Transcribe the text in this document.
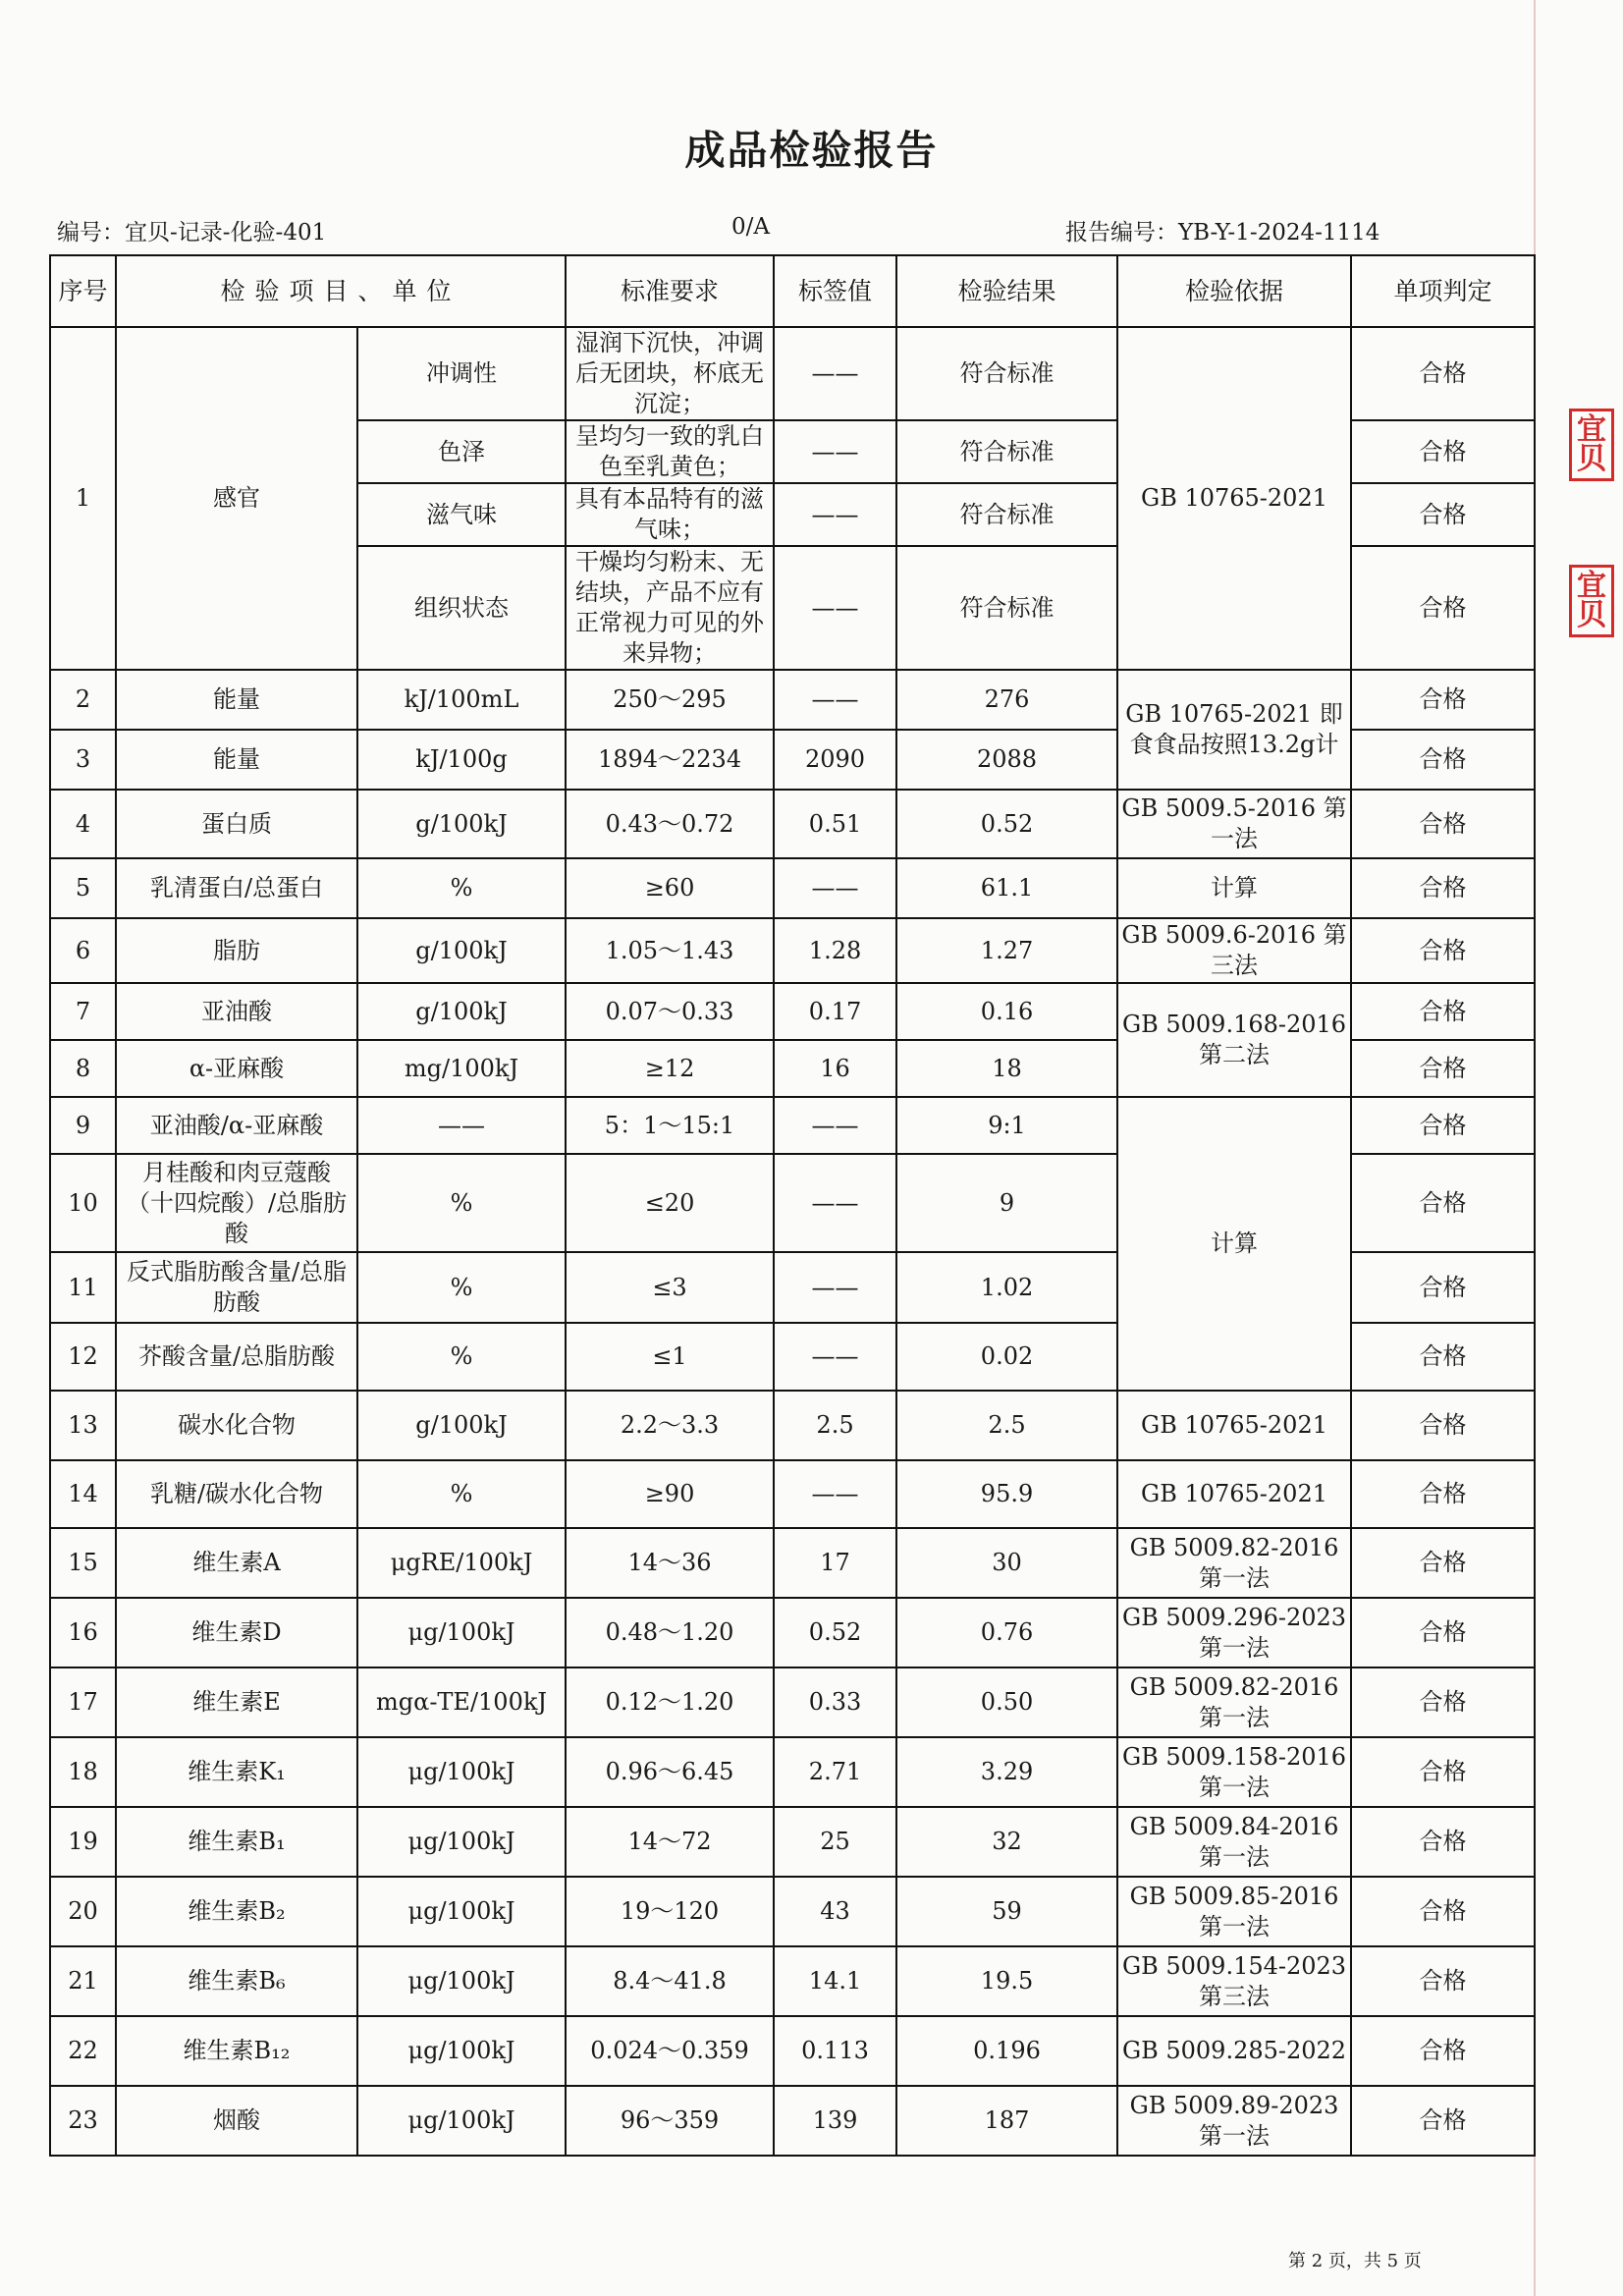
成品检验报告
编号：宜贝-记录-化验-401	0/A	报告编号：YB-Y-1-2024-1114
序号	检验项目、单位		标准要求	标签值	检验结果	检验依据	单项判定
1	感官	冲调性	湿润下沉快，冲调后无团块，杯底无沉淀；	——	符合标准	GB 10765-2021	合格
		色泽	呈均匀一致的乳白色至乳黄色；	——	符合标准		合格
		滋气味	具有本品特有的滋气味；	——	符合标准		合格
		组织状态	干燥均匀粉末、无结块，产品不应有正常视力可见的外来异物；	——	符合标准		合格
2	能量	kJ/100mL	250～295	——	276	GB 10765-2021 即食食品按照13.2g计	合格
3	能量	kJ/100g	1894～2234	2090	2088		合格
4	蛋白质	g/100kJ	0.43～0.72	0.51	0.52	GB 5009.5-2016 第一法	合格
5	乳清蛋白/总蛋白	%	≥60	——	61.1	计算	合格
6	脂肪	g/100kJ	1.05～1.43	1.28	1.27	GB 5009.6-2016 第三法	合格
7	亚油酸	g/100kJ	0.07～0.33	0.17	0.16	GB 5009.168-2016 第二法	合格
8	α-亚麻酸	mg/100kJ	≥12	16	18		合格
9	亚油酸/α-亚麻酸	——	5：1～15:1	——	9:1	计算	合格
10	月桂酸和肉豆蔻酸（十四烷酸）/总脂肪酸	%	≤20	——	9		合格
11	反式脂肪酸含量/总脂肪酸	%	≤3	——	1.02		合格
12	芥酸含量/总脂肪酸	%	≤1	——	0.02		合格
13	碳水化合物	g/100kJ	2.2～3.3	2.5	2.5	GB 10765-2021	合格
14	乳糖/碳水化合物	%	≥90	——	95.9	GB 10765-2021	合格
15	维生素A	μgRE/100kJ	14～36	17	30	GB 5009.82-2016 第一法	合格
16	维生素D	μg/100kJ	0.48～1.20	0.52	0.76	GB 5009.296-2023 第一法	合格
17	维生素E	mgα-TE/100kJ	0.12～1.20	0.33	0.50	GB 5009.82-2016 第一法	合格
18	维生素K₁	μg/100kJ	0.96～6.45	2.71	3.29	GB 5009.158-2016 第一法	合格
19	维生素B₁	μg/100kJ	14～72	25	32	GB 5009.84-2016 第一法	合格
20	维生素B₂	μg/100kJ	19～120	43	59	GB 5009.85-2016 第一法	合格
21	维生素B₆	μg/100kJ	8.4～41.8	14.1	19.5	GB 5009.154-2023 第三法	合格
22	维生素B₁₂	μg/100kJ	0.024～0.359	0.113	0.196	GB 5009.285-2022	合格
23	烟酸	μg/100kJ	96～359	139	187	GB 5009.89-2023 第一法	合格
宜贝
宜贝
第 2 页，共 5 页
